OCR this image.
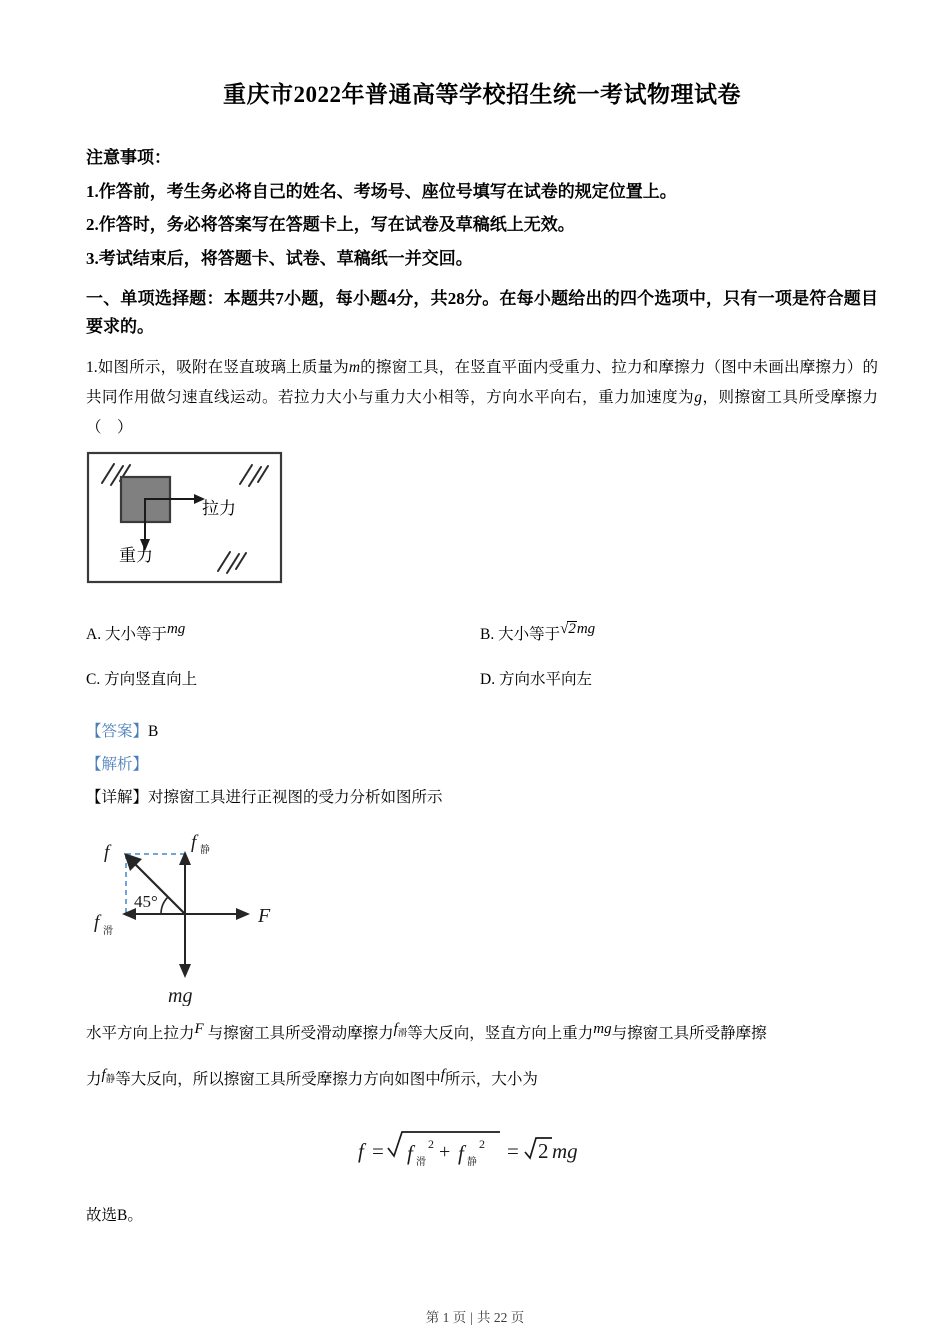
重庆市2022年普通高等学校招生统一考试物理试卷
注意事项：
1.作答前，考生务必将自己的姓名、考场号、座位号填写在试卷的规定位置上。
2.作答时，务必将答案写在答题卡上，写在试卷及草稿纸上无效。
3.考试结束后，将答题卡、试卷、草稿纸一并交回。
一、单项选择题：本题共7小题，每小题4分，共28分。在每小题给出的四个选项中，只有一项是符合题目要求的。
1.如图所示，吸附在竖直玻璃上质量为m的擦窗工具，在竖直平面内受重力、拉力和摩擦力（图中未画出摩擦力）的共同作用做匀速直线运动。若拉力大小与重力大小相等，方向水平向右，重力加速度为g，则擦窗工具所受摩擦力（ ）
拉力
重力
A. 大小等于mg	B. 大小等于√2mg
C. 方向竖直向上	D. 方向水平向左
【答案】B
【解析】
【详解】对擦窗工具进行正视图的受力分析如图所示
f	f 静
f 滑
F
mg
45°
水平方向上拉力F 与擦窗工具所受滑动摩擦力$f_滑$等大反向，竖直方向上重力mg与擦窗工具所受静摩擦
力$f_静$等大反向，所以擦窗工具所受摩擦力方向如图中f所示，大小为
f = f 滑
2 + f 静
2 = 2 mg
故选B。
第 1 页 | 共 22 页
